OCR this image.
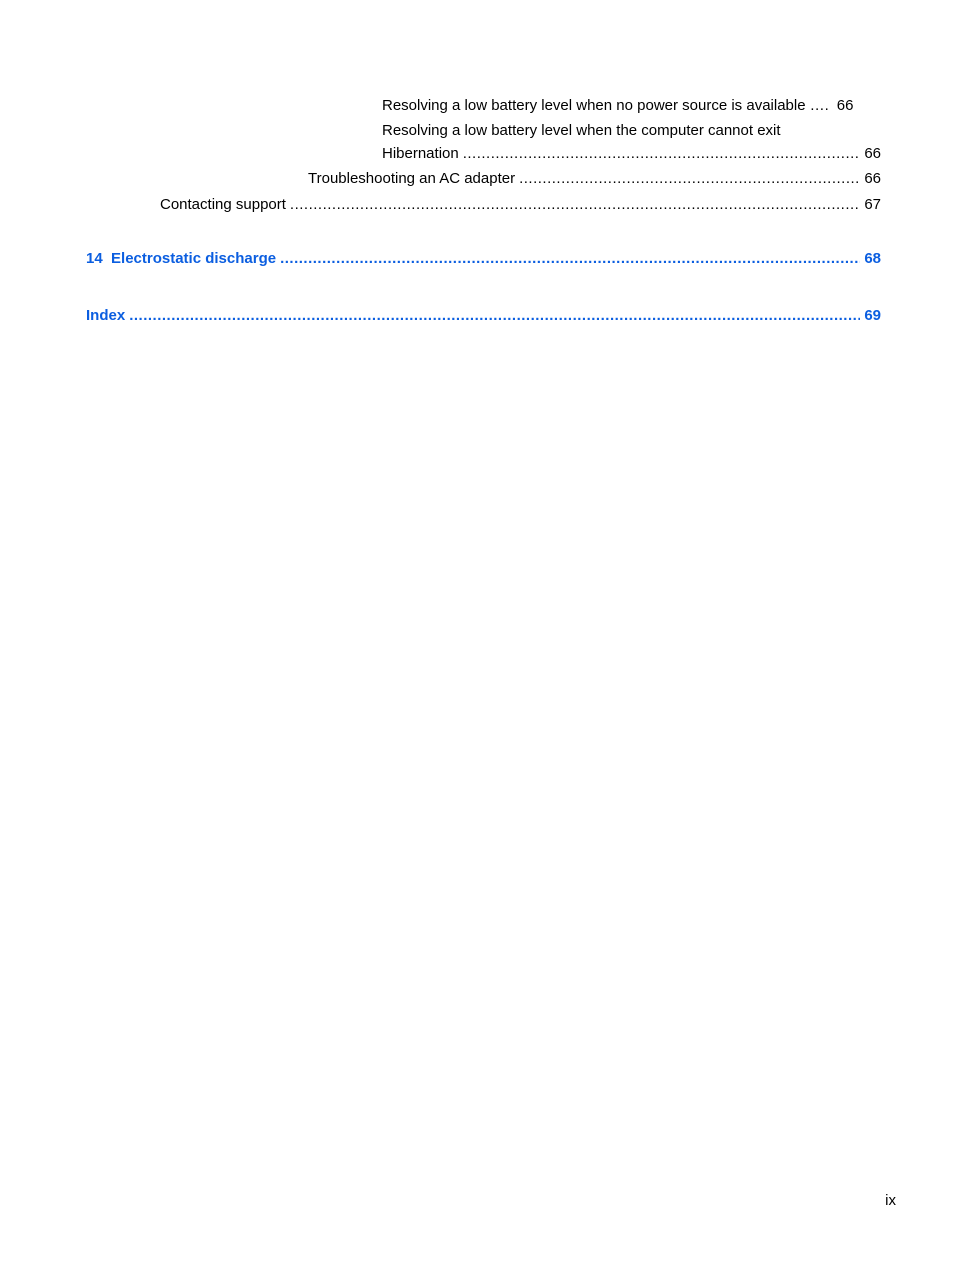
Resolving a low battery level when no power source is available …. 66
Resolving a low battery level when the computer cannot exit
Hibernation .....	66
Troubleshooting an AC adapter .....	66
Contacting support .....	67
14  Electrostatic discharge .....	68
Index .....	69
ix
